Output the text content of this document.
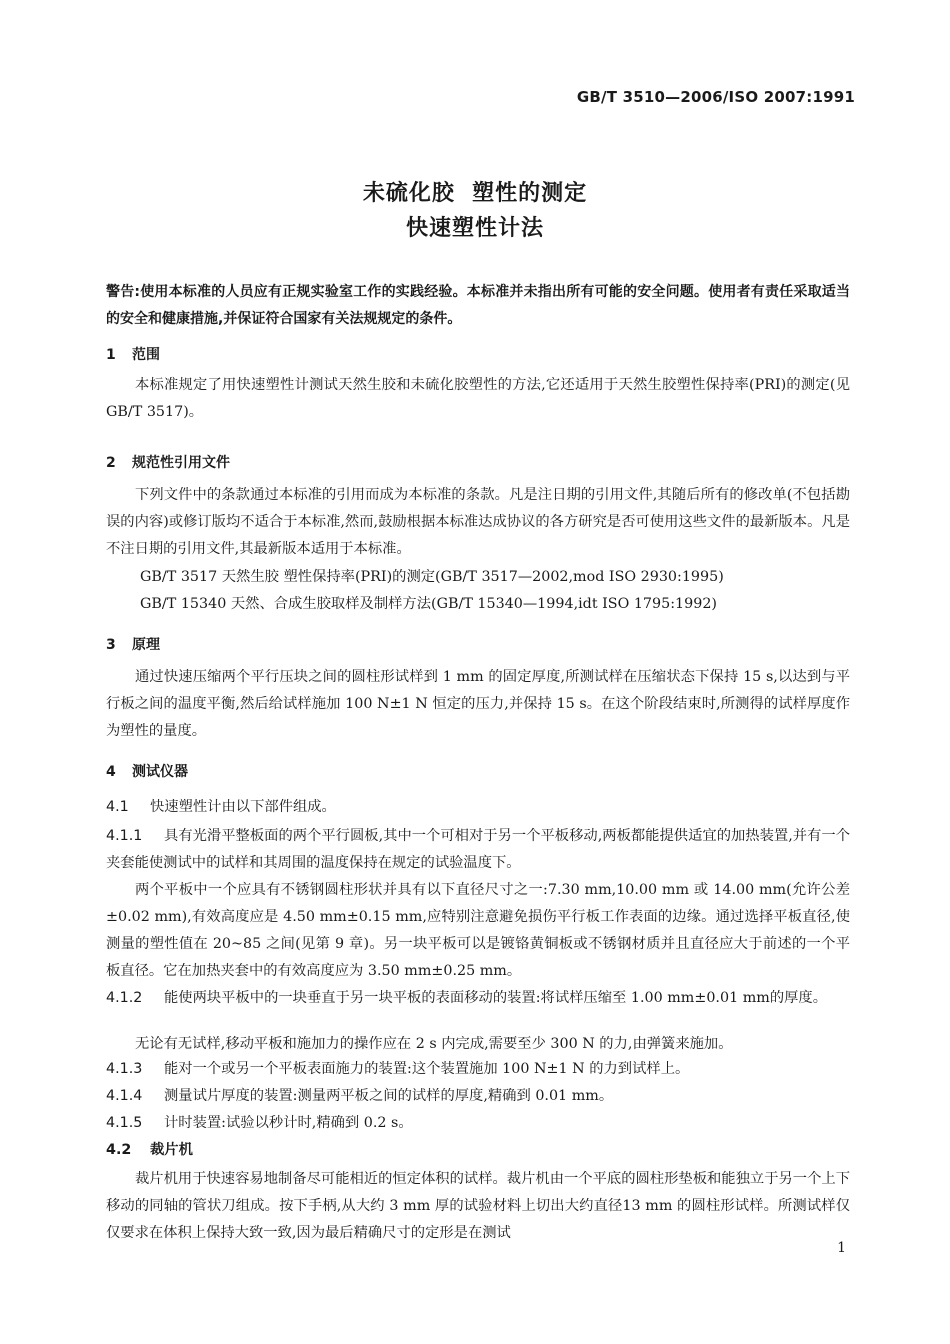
GB/T 3510—2006/ISO 2007:1991
未硫化胶  塑性的测定
快速塑性计法
警告:使用本标准的人员应有正规实验室工作的实践经验。本标准并未指出所有可能的安全问题。使用者有责任采取适当的安全和健康措施,并保证符合国家有关法规规定的条件。
1 范围
本标准规定了用快速塑性计测试天然生胶和未硫化胶塑性的方法,它还适用于天然生胶塑性保持率(PRI)的测定(见 GB/T 3517)。
2 规范性引用文件
下列文件中的条款通过本标准的引用而成为本标准的条款。凡是注日期的引用文件,其随后所有的修改单(不包括勘误的内容)或修订版均不适合于本标准,然而,鼓励根据本标准达成协议的各方研究是否可使用这些文件的最新版本。凡是不注日期的引用文件,其最新版本适用于本标准。
GB/T 3517 天然生胶 塑性保持率(PRI)的测定(GB/T 3517—2002,mod ISO 2930:1995)
GB/T 15340 天然、合成生胶取样及制样方法(GB/T 15340—1994,idt ISO 1795:1992)
3 原理
通过快速压缩两个平行压块之间的圆柱形试样到 1 mm 的固定厚度,所测试样在压缩状态下保持 15 s,以达到与平行板之间的温度平衡,然后给试样施加 100 N±1 N 恒定的压力,并保持 15 s。在这个阶段结束时,所测得的试样厚度作为塑性的量度。
4 测试仪器
4.1 快速塑性计由以下部件组成。
4.1.1 具有光滑平整板面的两个平行圆板,其中一个可相对于另一个平板移动,两板都能提供适宜的加热装置,并有一个夹套能使测试中的试样和其周围的温度保持在规定的试验温度下。
两个平板中一个应具有不锈钢圆柱形状并具有以下直径尺寸之一:7.30 mm,10.00 mm 或 14.00 mm(允许公差±0.02 mm),有效高度应是 4.50 mm±0.15 mm,应特别注意避免损伤平行板工作表面的边缘。通过选择平板直径,使测量的塑性值在 20~85 之间(见第 9 章)。另一块平板可以是镀铬黄铜板或不锈钢材质并且直径应大于前述的一个平板直径。它在加热夹套中的有效高度应为 3.50 mm±0.25 mm。
4.1.2 能使两块平板中的一块垂直于另一块平板的表面移动的装置:将试样压缩至 1.00 mm±0.01 mm的厚度。
无论有无试样,移动平板和施加力的操作应在 2 s 内完成,需要至少 300 N 的力,由弹簧来施加。
4.1.3 能对一个或另一个平板表面施力的装置:这个装置施加 100 N±1 N 的力到试样上。
4.1.4 测量试片厚度的装置:测量两平板之间的试样的厚度,精确到 0.01 mm。
4.1.5 计时装置:试验以秒计时,精确到 0.2 s。
4.2 裁片机
裁片机用于快速容易地制备尽可能相近的恒定体积的试样。裁片机由一个平底的圆柱形垫板和能独立于另一个上下移动的同轴的管状刀组成。按下手柄,从大约 3 mm 厚的试验材料上切出大约直径13 mm 的圆柱形试样。所测试样仅仅要求在体积上保持大致一致,因为最后精确尺寸的定形是在测试
1
